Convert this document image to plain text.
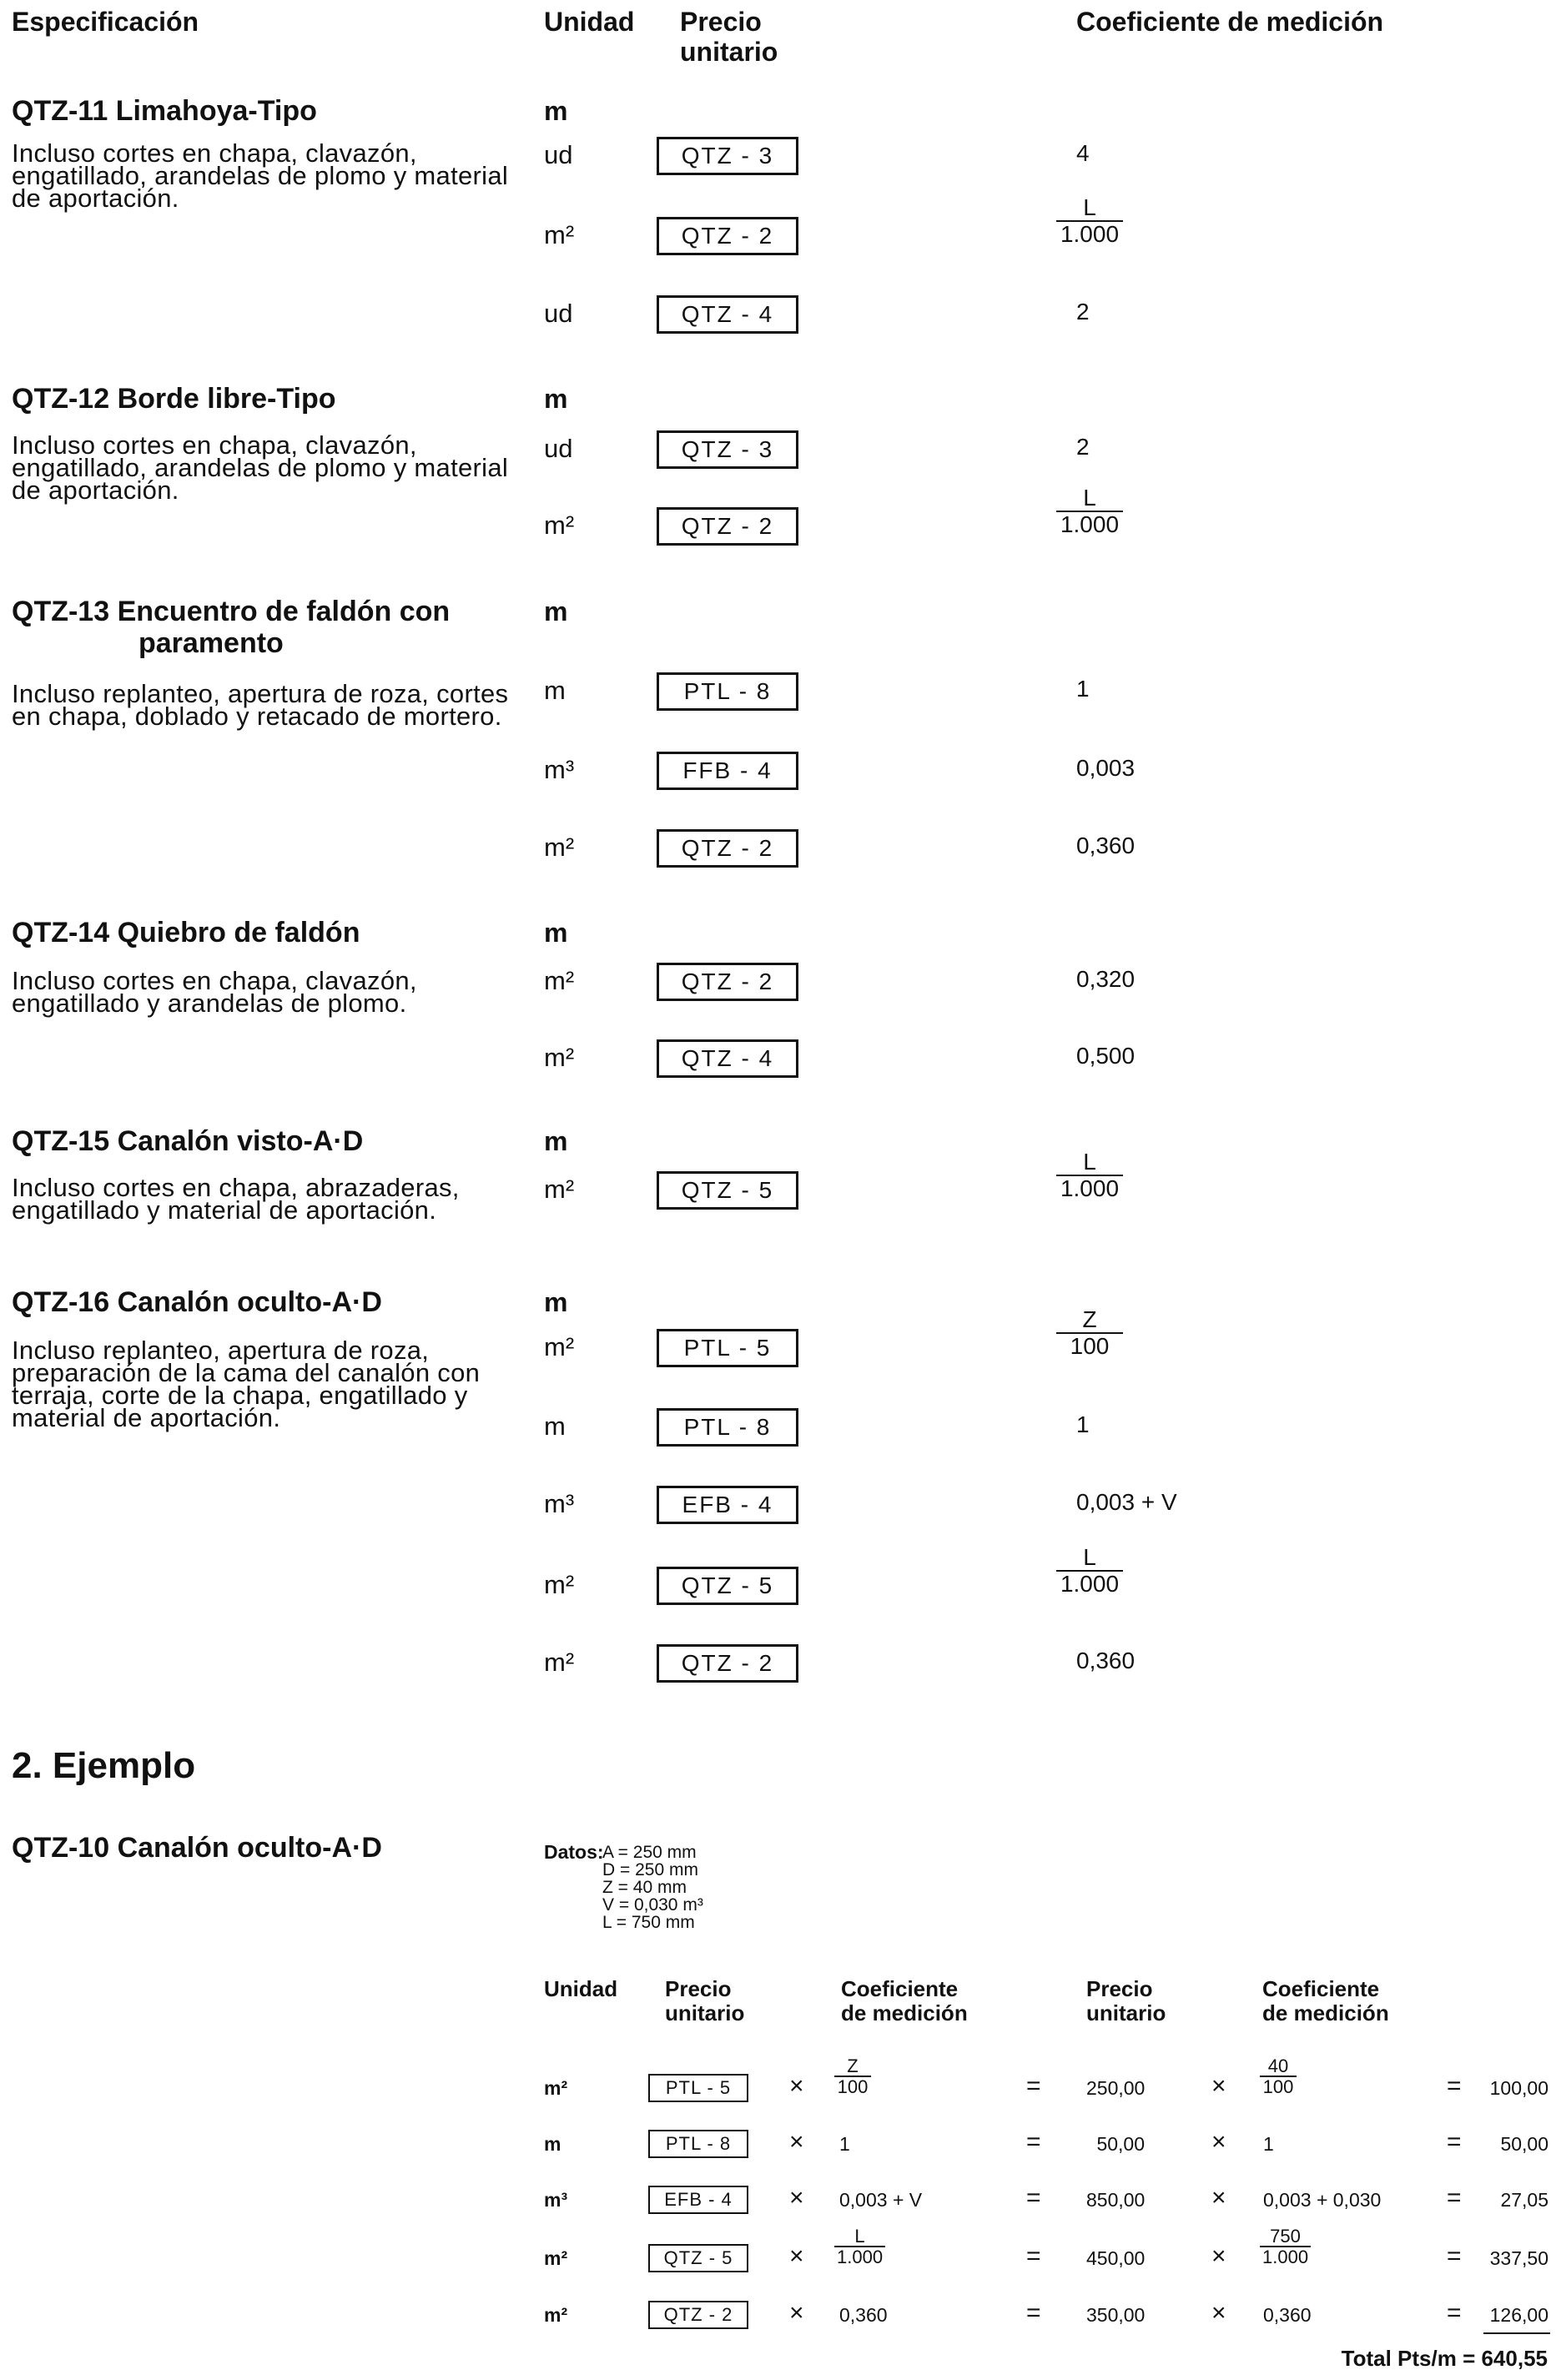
Especificación	Unidad Precio
unitario
Coeficiente de medición
QTZ-11 Limahoya-Tipo	m
Incluso cortes en chapa, clavazón, engatillado, arandelas de plomo y material de aportación.
ud	QTZ - 3	4
m²	QTZ - 2	$\frac{L}{1.000}$
ud	QTZ - 4	2
QTZ-12 Borde libre-Tipo	m
Incluso cortes en chapa, clavazón, engatillado, arandelas de plomo y material de aportación.
ud	QTZ - 3	2
m²	QTZ - 2	$\frac{L}{1.000}$
QTZ-13 Encuentro de faldón con
paramento
m
Incluso replanteo, apertura de roza, cortes en chapa, doblado y retacado de mortero.
m	PTL - 8	1
m³	FFB - 4	0,003
m²	QTZ - 2	0,360
QTZ-14 Quiebro de faldón	m
Incluso cortes en chapa, clavazón, engatillado y arandelas de plomo.
m²	QTZ - 2	0,320
m²	QTZ - 4	0,500
QTZ-15 Canalón visto-A·D	m
Incluso cortes en chapa, abrazaderas, engatillado y material de aportación.
m²	QTZ - 5	$\frac{L}{1.000}$
QTZ-16 Canalón oculto-A·D	m
Incluso replanteo, apertura de roza, preparación de la cama del canalón con terraja, corte de la chapa, engatillado y material de aportación.
m²	PTL - 5	$\frac{Z}{100}$
m	PTL - 8	1
m³	EFB - 4	0,003 + V
m²	QTZ - 5	$\frac{L}{1.000}$
m²	QTZ - 2	0,360
2. Ejemplo
QTZ-10 Canalón oculto-A·D	Datos:
A = 250 mm
D = 250 mm
Z = 40 mm
V = 0,030 m³
L = 750 mm
Unidad Precio
unitario
Coeficiente
de medición
Precio
unitario
Coeficiente
de medición
m²	PTL - 5	× $\frac{Z}{100}$	= 250,00	× $\frac{40}{100}$	=	100,00
m	PTL - 8	× 1	=	50,00	× 1	=	50,00
m³	EFB - 4	× 0,003 + V	= 850,00	× 0,003 + 0,030	=	27,05
m²	QTZ - 5	× $\frac{L}{1.000}$	= 450,00	× $\frac{750}{1.000}$	=	337,50
m²	QTZ - 2	× 0,360	= 350,00	× 0,360	=	126,00
Total Pts/m = 640,55
